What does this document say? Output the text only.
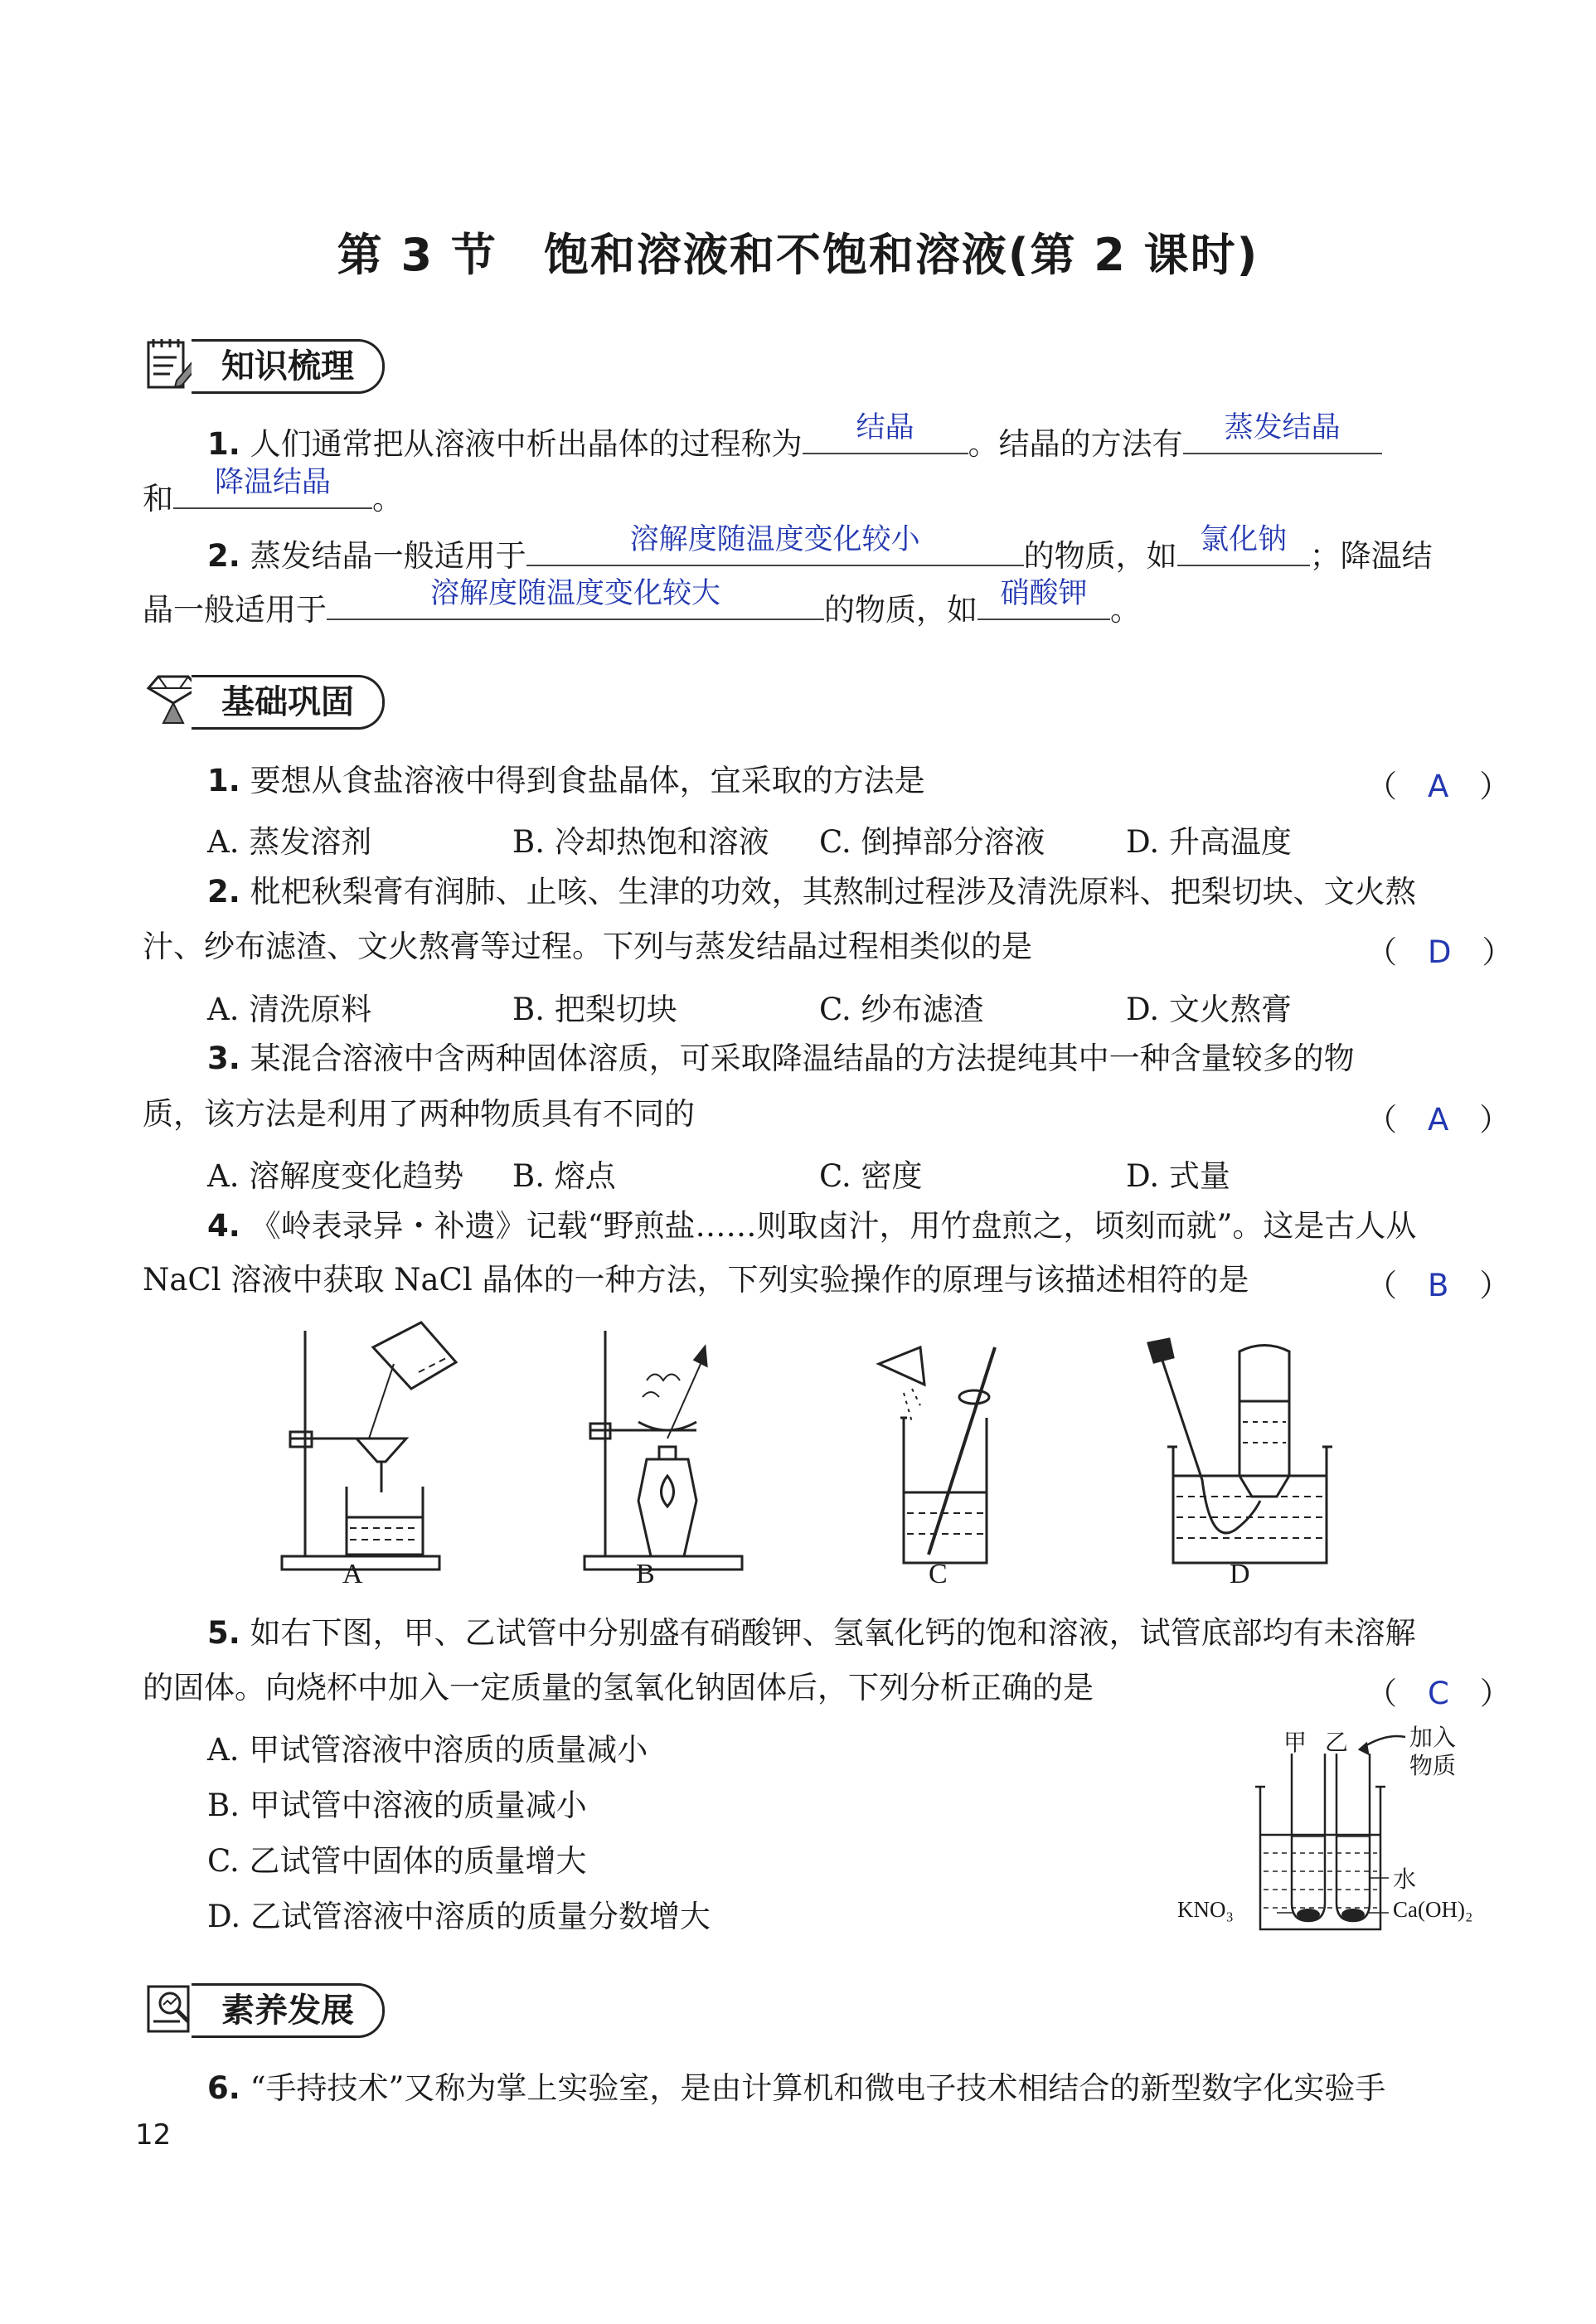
第 3 节　饱和溶液和不饱和溶液(第 2 课时)
知识梳理
1. 人们通常把从溶液中析出晶体的过程称为	结晶	。结晶的方法有	蒸发结晶
和	降温结晶	。
2. 蒸发结晶一般适用于	溶解度随温度变化较小	的物质，如 氯化钠 ；降温结
晶一般适用于	溶解度随温度变化较大	的物质，如 硝酸钾 。
基础巩固
1. 要想从食盐溶液中得到食盐晶体，宜采取的方法是	（　A　）
A. 蒸发溶剂	B. 冷却热饱和溶液 C. 倒掉部分溶液	D. 升高温度
2. 枇杷秋梨膏有润肺、止咳、生津的功效，其熬制过程涉及清洗原料、把梨切块、文火熬
汁、纱布滤渣、文火熬膏等过程。下列与蒸发结晶过程相类似的是	（　D　）
A. 清洗原料	B. 把梨切块	C. 纱布滤渣	D. 文火熬膏
3. 某混合溶液中含两种固体溶质，可采取降温结晶的方法提纯其中一种含量较多的物
质，该方法是利用了两种物质具有不同的	（　A　）
A. 溶解度变化趋势 B. 熔点	C. 密度	D. 式量
4. 《岭表录异・补遗》记载“野煎盐……则取卤汁，用竹盘煎之，顷刻而就”。这是古人从
NaCl 溶液中获取 NaCl 晶体的一种方法，下列实验操作的原理与该描述相符的是	（　B　）
A	B	C	D
5. 如右下图，甲、乙试管中分别盛有硝酸钾、氢氧化钙的饱和溶液，试管底部均有未溶解
的固体。向烧杯中加入一定质量的氢氧化钠固体后，下列分析正确的是	（　C　）
A. 甲试管溶液中溶质的质量减小
B. 甲试管中溶液的质量减小
C. 乙试管中固体的质量增大
D. 乙试管溶液中溶质的质量分数增大
甲 乙	加入
物质
水
KNO₃	Ca(OH)₂
素养发展
6. “手持技术”又称为掌上实验室，是由计算机和微电子技术相结合的新型数字化实验手
12
